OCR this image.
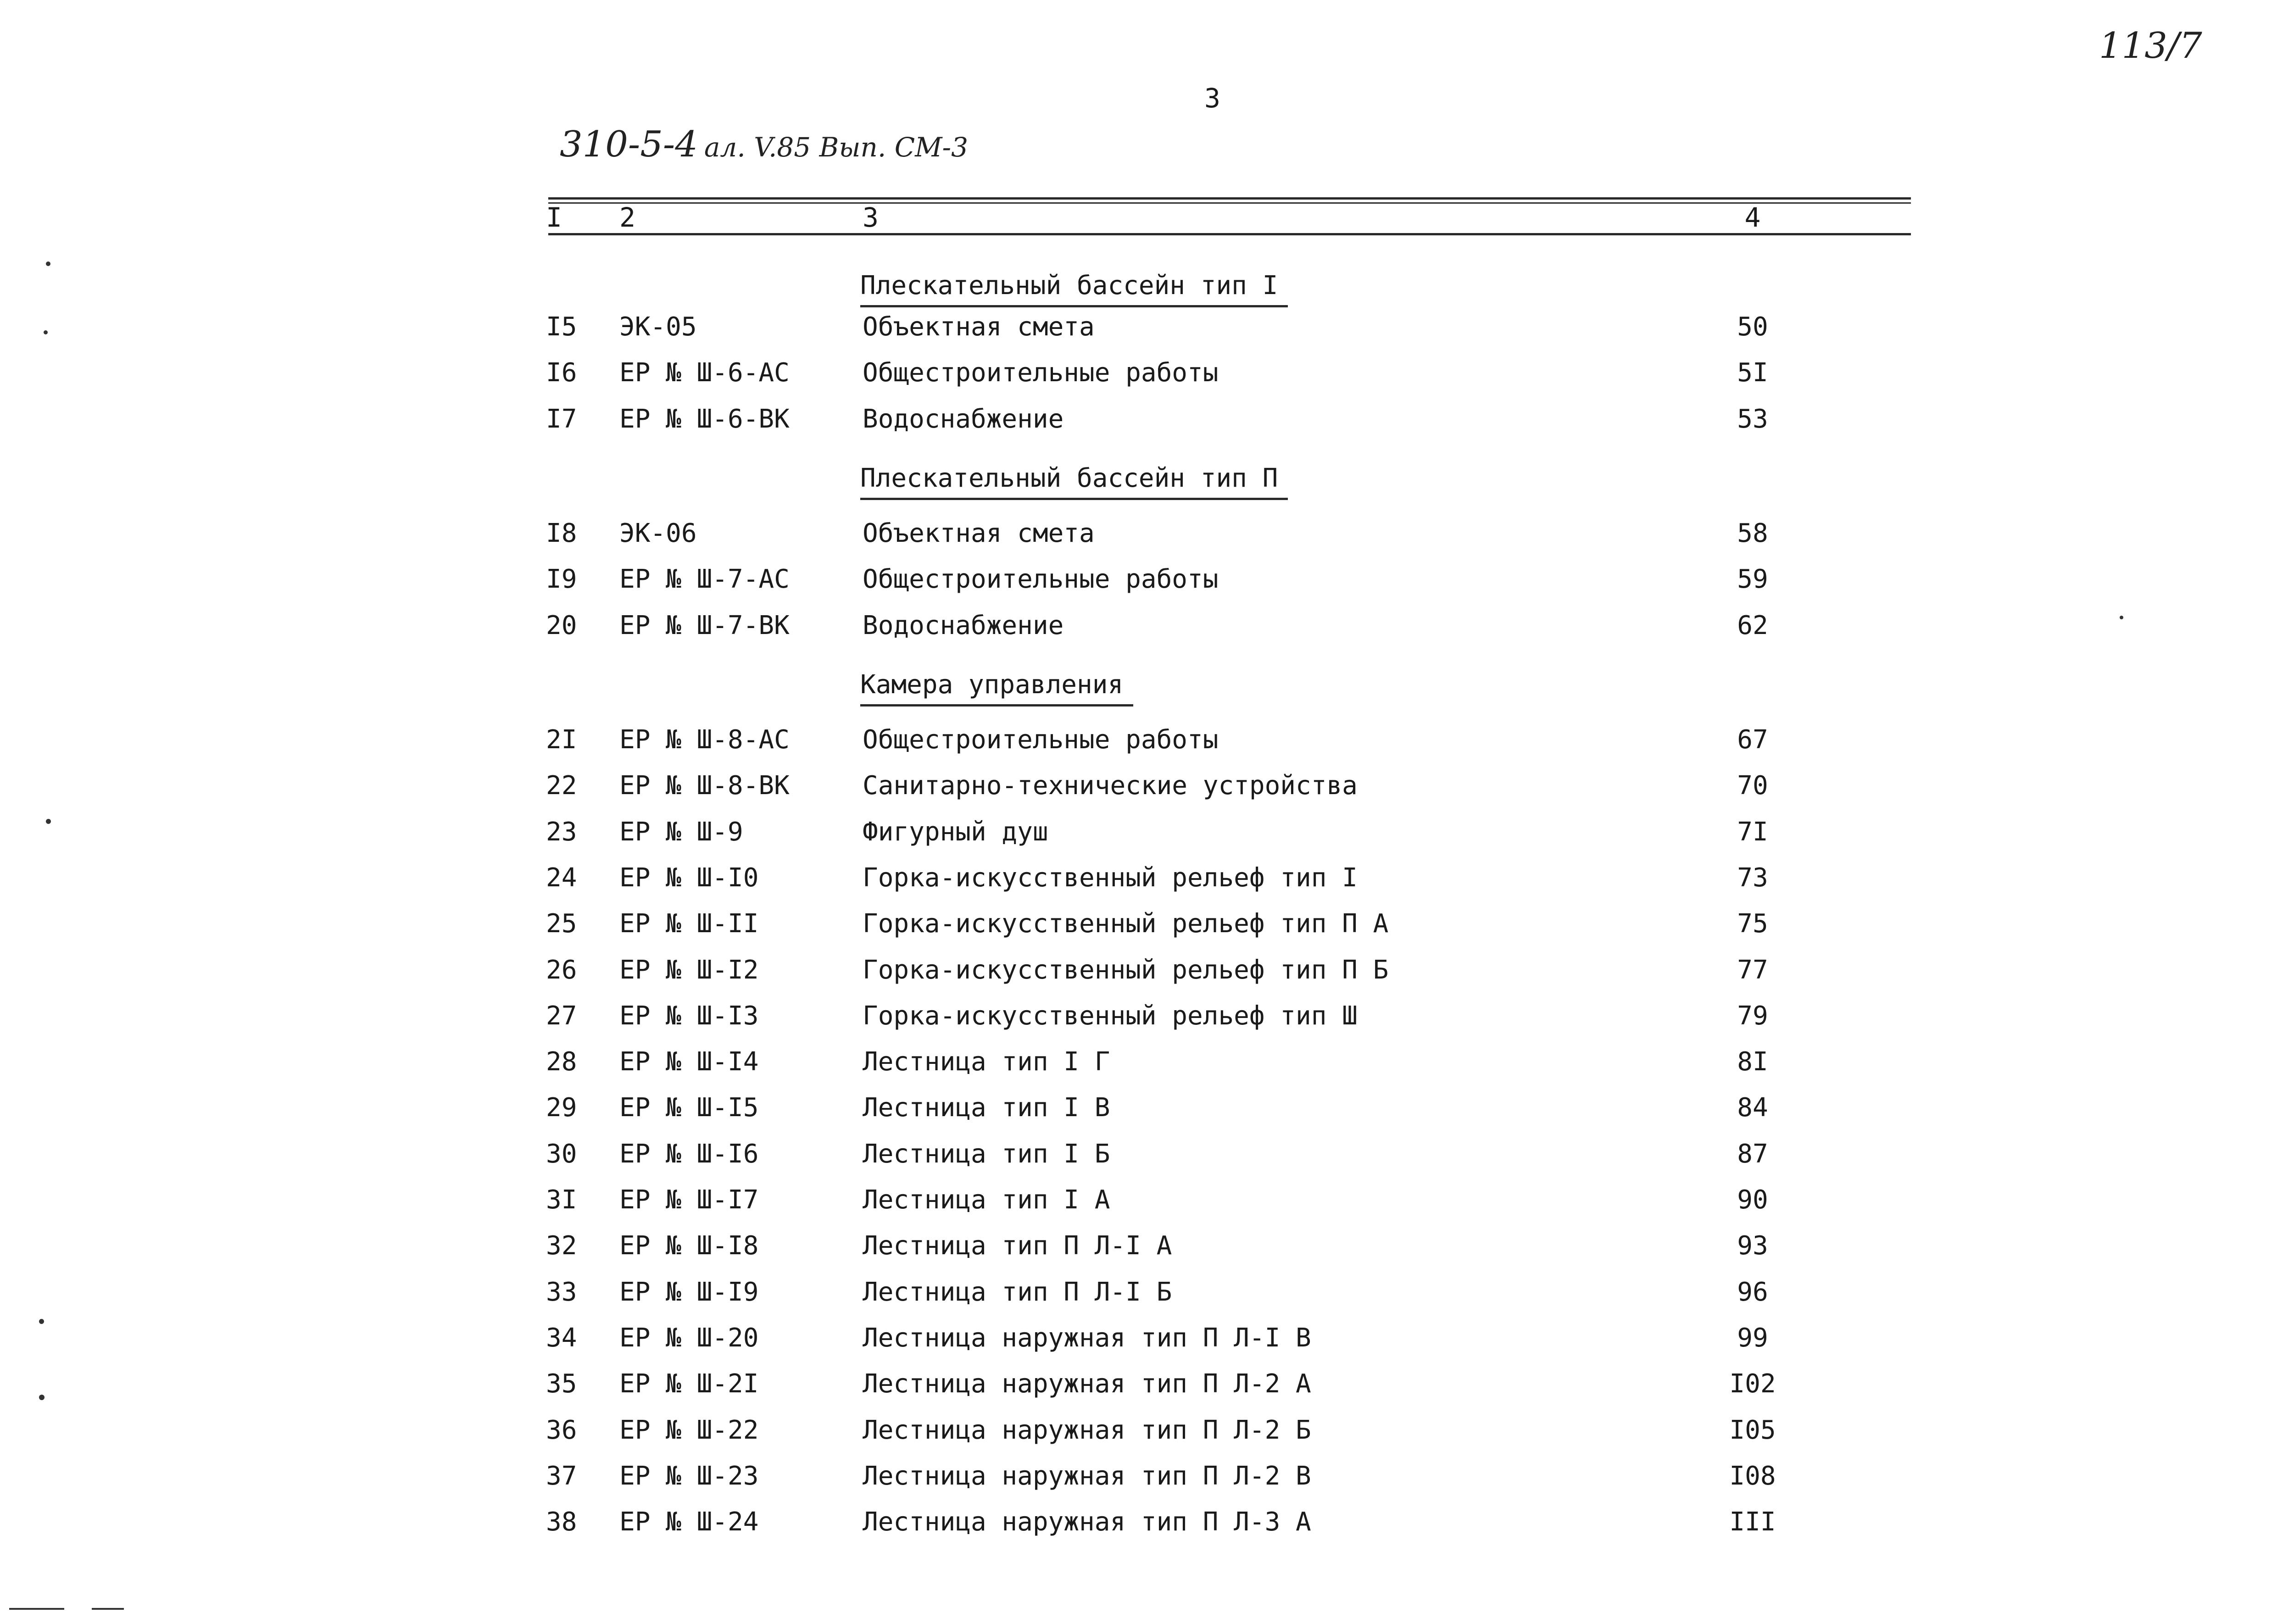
113/7
3
310-5-4 ал. V.85 Вып. СМ-3
I 2	3	4
Плескательный бассейн тип I
I5 ЭК-05	Объектная смета	50
I6 ЕР № Ш-6-АС	Общестроительные работы	5I
I7 ЕР № Ш-6-ВК	Водоснабжение	53
Плескательный бассейн тип П
I8 ЭК-06	Объектная смета	58
I9 ЕР № Ш-7-АС	Общестроительные работы	59
20 ЕР № Ш-7-ВК	Водоснабжение	62
Камера управления
2I ЕР № Ш-8-АС	Общестроительные работы	67
22 ЕР № Ш-8-ВК	Санитарно-технические устройства	70
23 ЕР № Ш-9	Фигурный душ	7I
24 ЕР № Ш-I0	Горка-искусственный рельеф тип I	73
25 ЕР № Ш-II	Горка-искусственный рельеф тип П А	75
26 ЕР № Ш-I2	Горка-искусственный рельеф тип П Б	77
27 ЕР № Ш-I3	Горка-искусственный рельеф тип Ш	79
28 ЕР № Ш-I4	Лестница тип I Г	8I
29 ЕР № Ш-I5	Лестница тип I В	84
30 ЕР № Ш-I6	Лестница тип I Б	87
3I ЕР № Ш-I7	Лестница тип I А	90
32 ЕР № Ш-I8	Лестница тип П Л-I А	93
33 ЕР № Ш-I9	Лестница тип П Л-I Б	96
34 ЕР № Ш-20	Лестница наружная тип П Л-I В	99
35 ЕР № Ш-2I	Лестница наружная тип П Л-2 А	I02
36 ЕР № Ш-22	Лестница наружная тип П Л-2 Б	I05
37 ЕР № Ш-23	Лестница наружная тип П Л-2 В	I08
38 ЕР № Ш-24	Лестница наружная тип П Л-3 А	III
